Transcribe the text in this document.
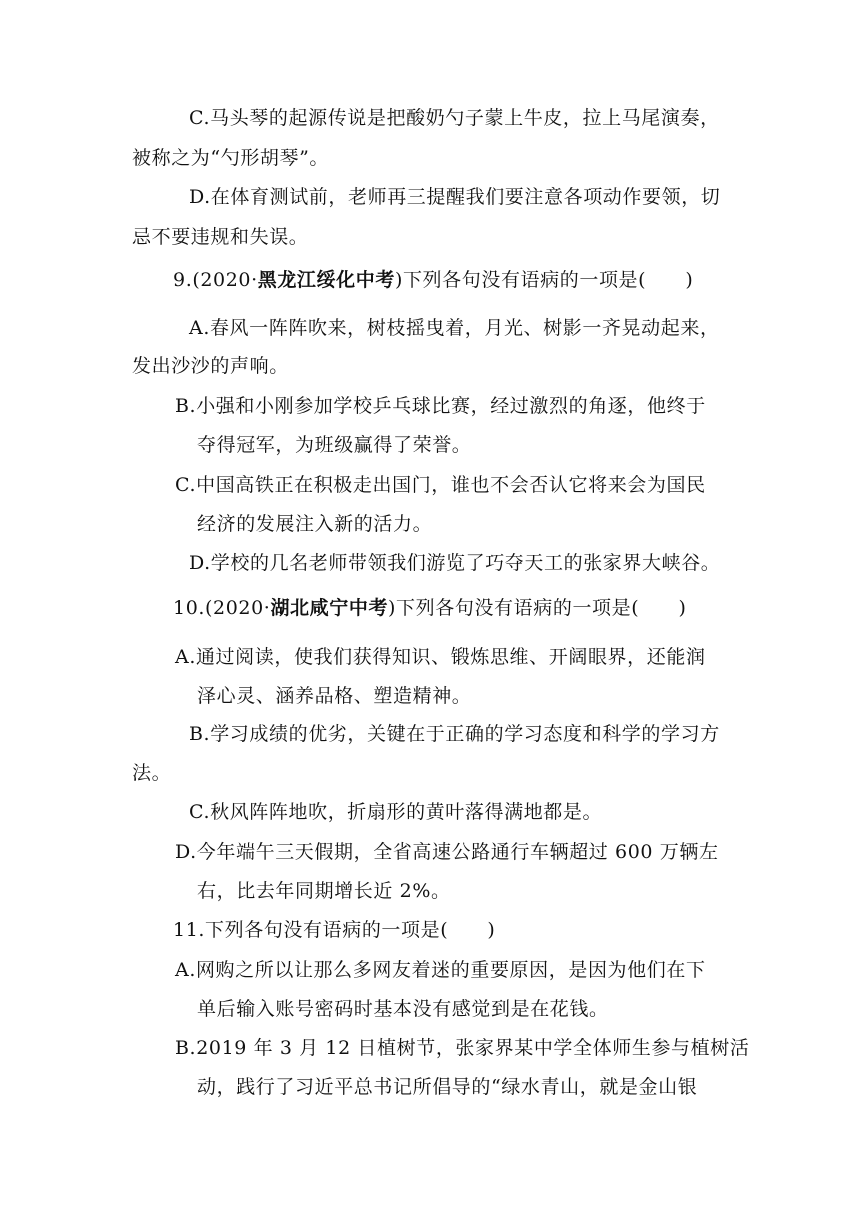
C.马头琴的起源传说是把酸奶勺子蒙上牛皮，拉上马尾演奏，
被称之为“勺形胡琴”。
D.在体育测试前，老师再三提醒我们要注意各项动作要领，切
忌不要违规和失误。
9.(2020·黑龙江绥化中考)下列各句没有语病的一项是(　　)
A.春风一阵阵吹来，树枝摇曳着，月光、树影一齐晃动起来，
发出沙沙的声响。
B.小强和小刚参加学校乒乓球比赛，经过激烈的角逐，他终于
夺得冠军，为班级赢得了荣誉。
C.中国高铁正在积极走出国门，谁也不会否认它将来会为国民
经济的发展注入新的活力。
D.学校的几名老师带领我们游览了巧夺天工的张家界大峡谷。
10.(2020·湖北咸宁中考)下列各句没有语病的一项是(　　)
A.通过阅读，使我们获得知识、锻炼思维、开阔眼界，还能润
泽心灵、涵养品格、塑造精神。
B.学习成绩的优劣，关键在于正确的学习态度和科学的学习方
法。
C.秋风阵阵地吹，折扇形的黄叶落得满地都是。
D.今年端午三天假期，全省高速公路通行车辆超过 600 万辆左
右，比去年同期增长近 2%。
11.下列各句没有语病的一项是(　　)
A.网购之所以让那么多网友着迷的重要原因，是因为他们在下
单后输入账号密码时基本没有感觉到是在花钱。
B.2019 年 3 月 12 日植树节，张家界某中学全体师生参与植树活
动，践行了习近平总书记所倡导的“绿水青山，就是金山银
